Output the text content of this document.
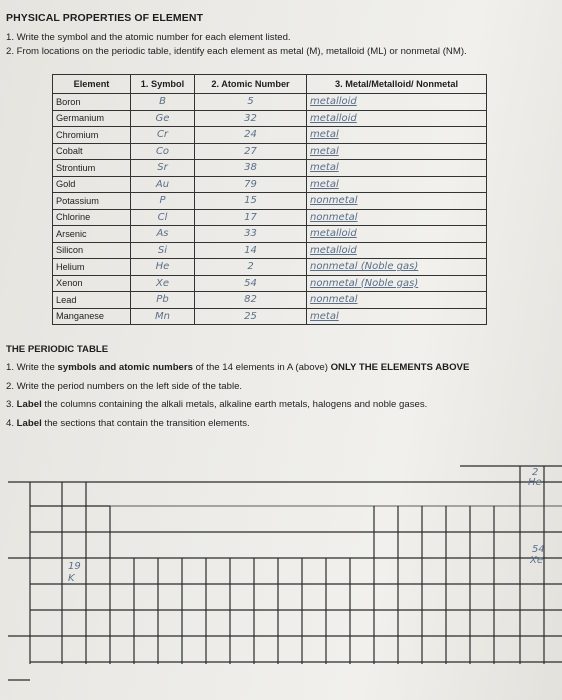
PHYSICAL PROPERTIES OF ELEMENT
1. Write the symbol and the atomic number for each element listed.
2. From locations on the periodic table, identify each element as metal (M), metalloid (ML) or nonmetal (NM).
Element	1. Symbol	2. Atomic Number	3. Metal/Metalloid/ Nonmetal
Boron	B	5	metalloid
Germanium	Ge	32	metalloid
Chromium	Cr	24	metal
Cobalt	Co	27	metal
Strontium	Sr	38	metal
Gold	Au	79	metal
Potassium	P	15	nonmetal
Chlorine	Cl	17	nonmetal
Arsenic	As	33	metalloid
Silicon	Si	14	metalloid
Helium	He	2	nonmetal (Noble gas)
Xenon	Xe	54	nonmetal (Noble gas)
Lead	Pb	82	nonmetal
Manganese	Mn	25	metal
THE PERIODIC TABLE
1. Write the symbols and atomic numbers of the 14 elements in A (above) ONLY THE ELEMENTS ABOVE
2. Write the period numbers on the left side of the table.
3. Label the columns containing the alkali metals, alkaline earth metals, halogens and noble gases.
4. Label the sections that contain the transition elements.
2
He
54
Xe
19
K
